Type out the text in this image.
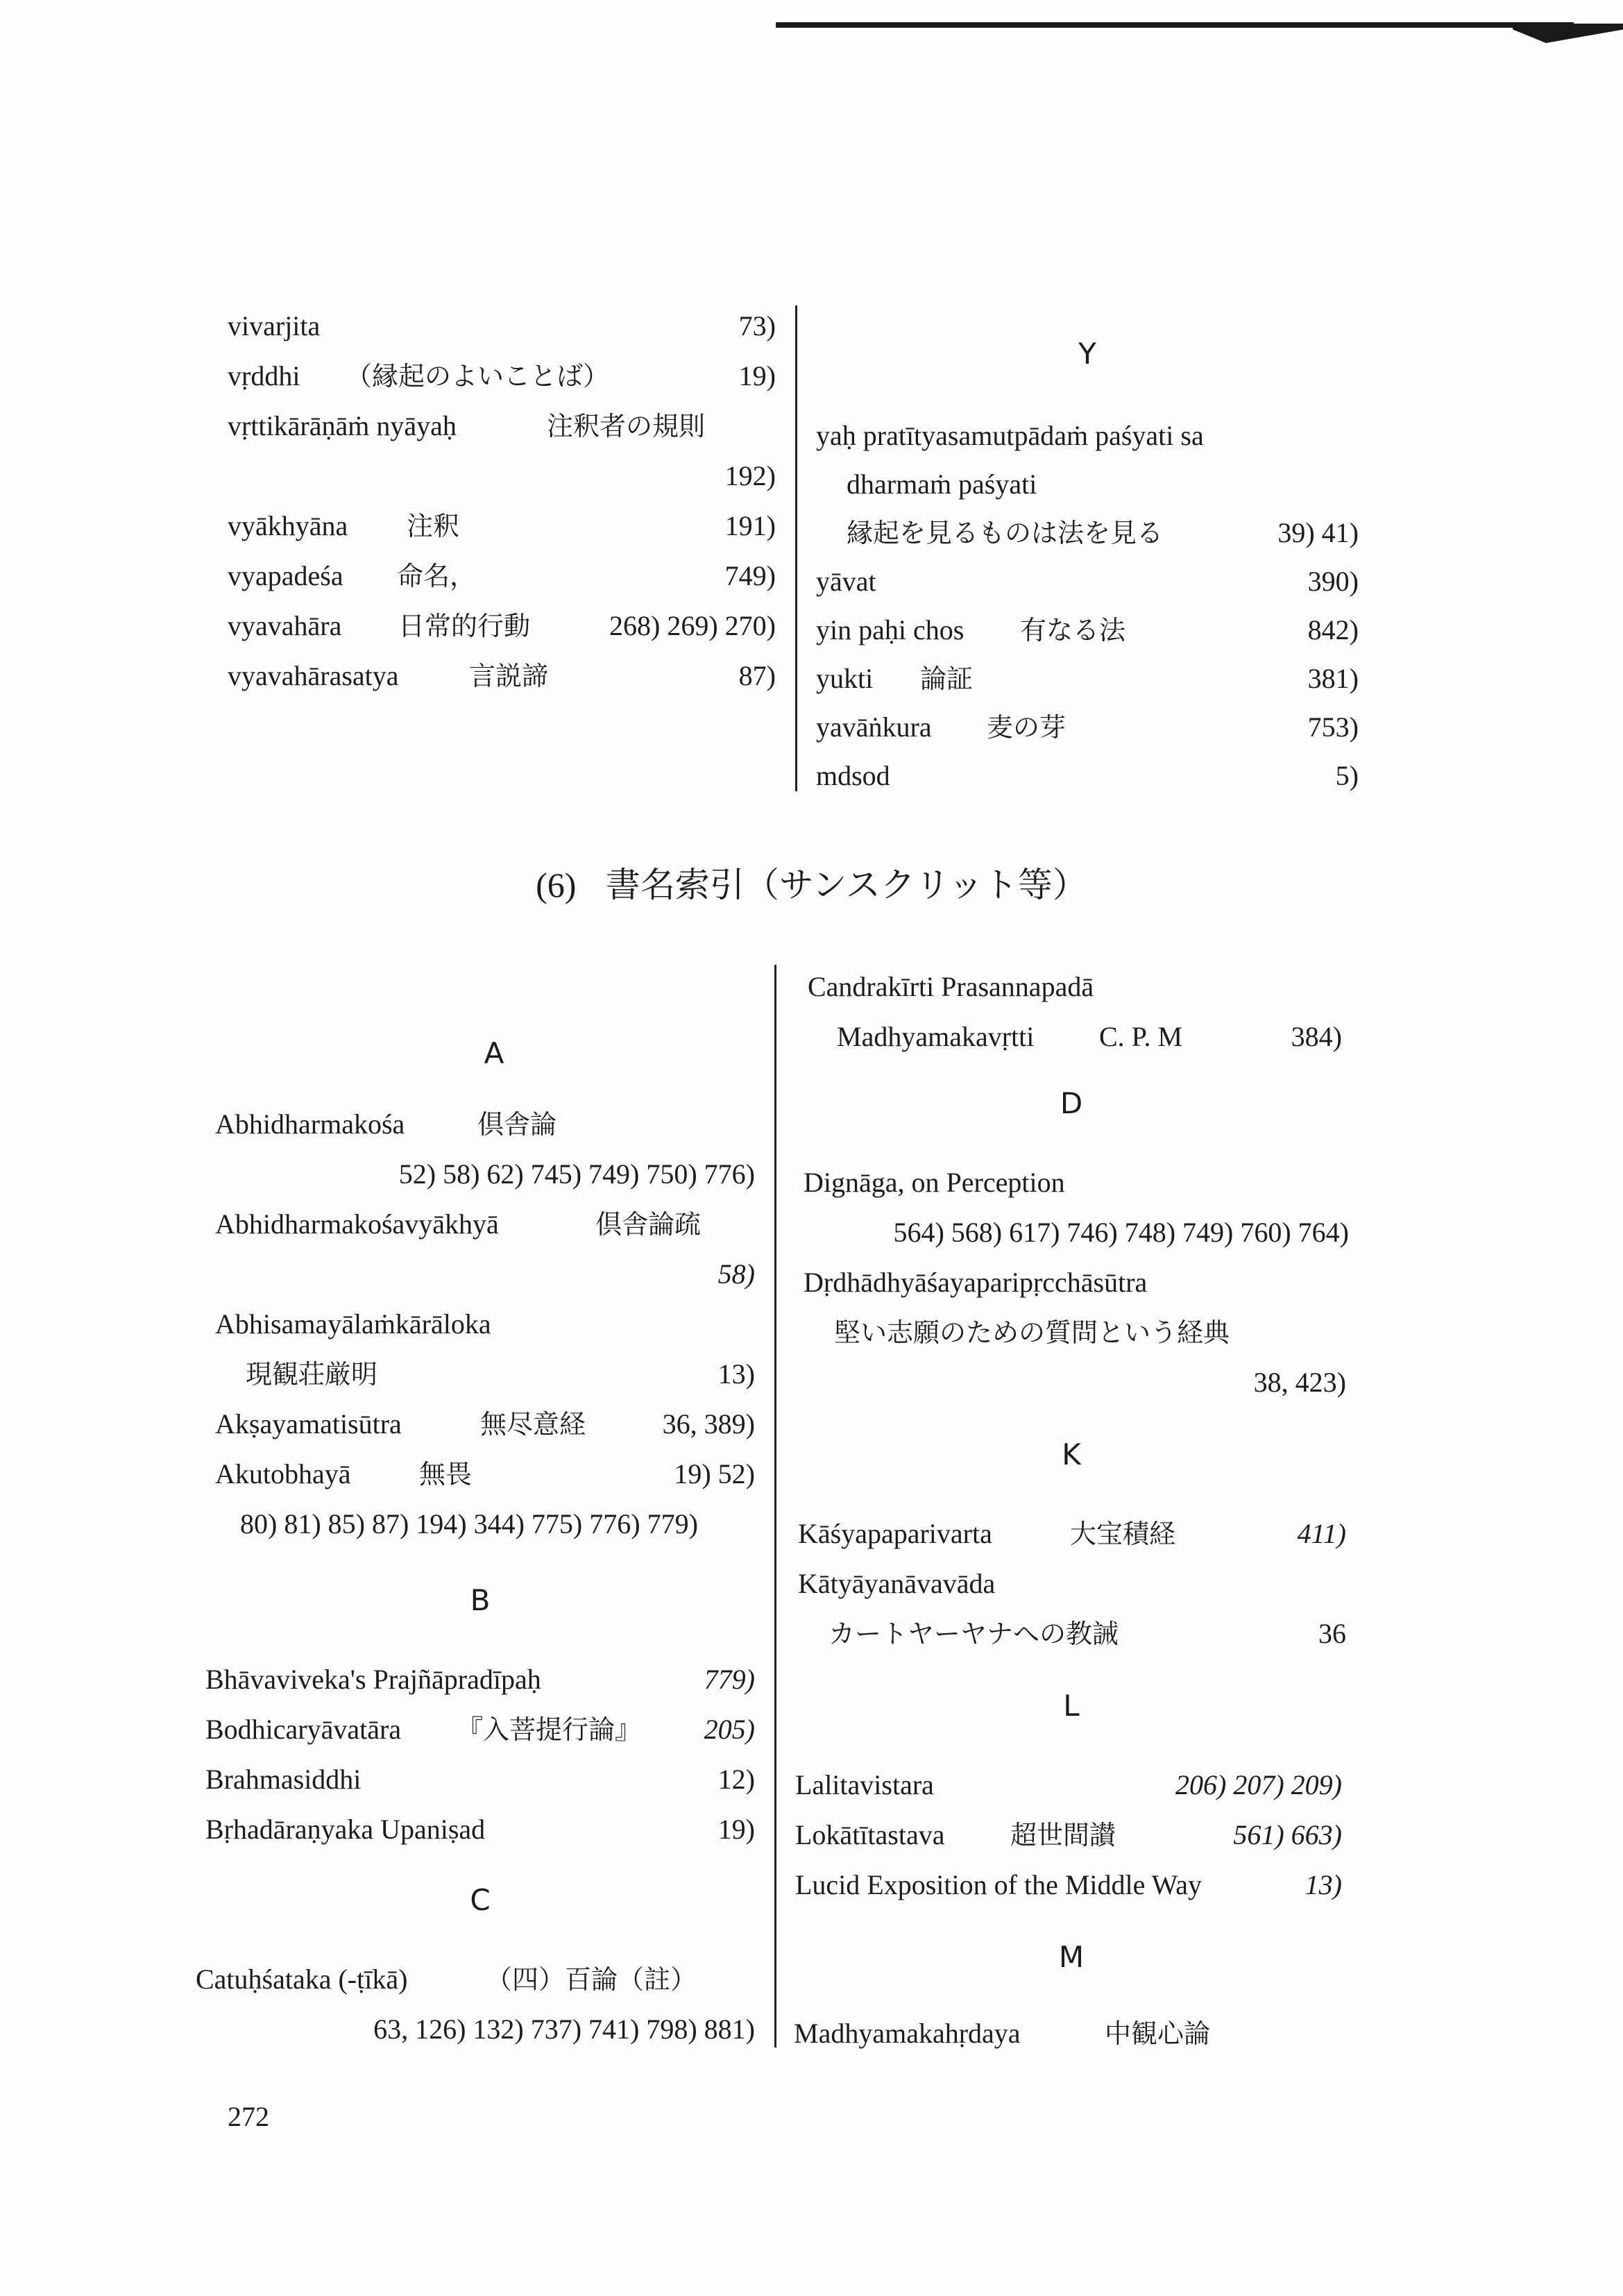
vivarjita	73)
vṛddhi （縁起のよいことば）	19)
vṛttikārāṇāṁ nyāyaḥ	注釈者の規則
192)
vyākhyāna 注釈	191)
vyapadeśa 命名，	749)
vyavahāra 日常的行動	268) 269) 270)
vyavahārasatya	言説諦	87)
Y
yaḥ pratītyasamutpādaṁ paśyati sa
dharmaṁ paśyati
縁起を見るものは法を見る	39) 41)
yāvat	390)
yin paḥi chos 有なる法	842)
yukti 論証	381)
yavāṅkura 麦の芽	753)
mdsod	5)
(6) 書名索引（サンスクリット等）
A
Abhidharmakośa	倶舎論
52) 58) 62) 745) 749) 750) 776)
Abhidharmakośavyākhyā	倶舎論疏
58)
Abhisamayālaṁkārāloka
現観荘厳明	13)
Akṣayamatisūtra	無尽意経	36, 389)
Akutobhayā	無畏	19) 52)
80) 81) 85) 87) 194) 344) 775) 776) 779)
B
Bhāvaviveka's Prajñāpradīpaḥ	779)
Bodhicaryāvatāra 『入菩提行論』 205)
Brahmasiddhi	12)
Bṛhadāraṇyaka Upaniṣad	19)
C
Catuḥśataka (-ṭīkā)	（四）百論（註）
63, 126) 132) 737) 741) 798) 881)
Candrakīrti Prasannapadā
Madhyamakavṛtti C. P. M	384)
D
Dignāga, on Perception
564) 568) 617) 746) 748) 749) 760) 764)
Dṛdhādhyāśayaparipṛcchāsūtra
堅い志願のための質問という経典
38, 423)
K
Kāśyapaparivarta	大宝積経	411)
Kātyāyanāvavāda
カートヤーヤナへの教誡	36
L
Lalitavistara	206) 207) 209)
Lokātītastava 超世間讃	561) 663)
Lucid Exposition of the Middle Way	13)
M
Madhyamakahṛdaya	中観心論
272
